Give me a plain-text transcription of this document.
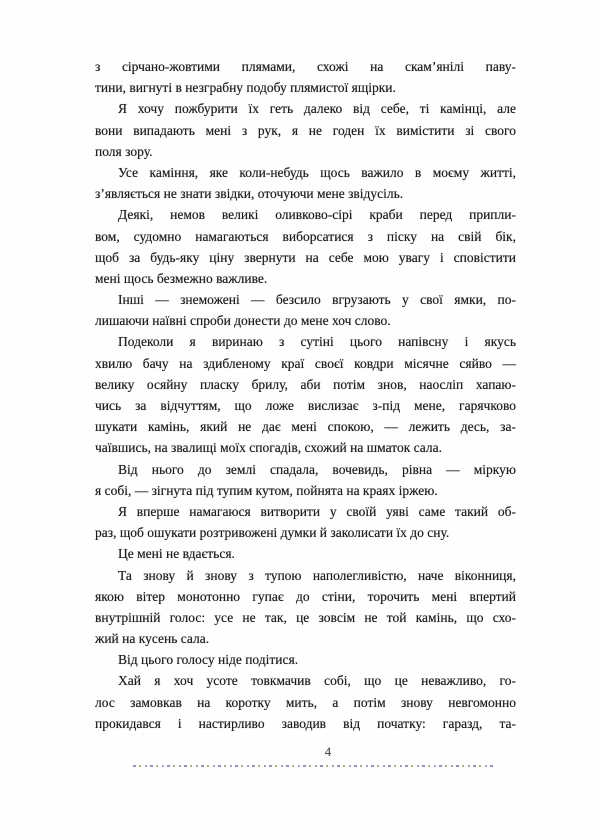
з сірчано-жовтими плямами, схожі на скам’янілі паву-
тини, вигнуті в незграбну подобу плямистої ящірки.
Я хочу пожбурити їх геть далеко від себе, ті камінці, але
вони випадають мені з рук, я не годен їх вимістити зі свого
поля зору.
Усе каміння, яке коли-небудь щось важило в моєму житті,
з’являється не знати звідки, оточуючи мене звідусіль.
Деякі, немов великі оливково-сірі краби перед припли-
вом, судомно намагаються виборсатися з піску на свій бік,
щоб за будь-яку ціну звернути на себе мою увагу і сповістити
мені щось безмежно важливе.
Інші — знеможені — безсило вгрузають у свої ямки, по-
лишаючи наївні спроби донести до мене хоч слово.
Подеколи я виринаю з сутіні цього напівсну і якусь
хвилю бачу на здибленому краї своєї ковдри місячне сяйво —
велику осяйну пласку брилу, аби потім знов, наосліп хапаю-
чись за відчуттям, що ложе вислизає з-під мене, гарячково
шукати камінь, який не дає мені спокою, — лежить десь, за-
чаївшись, на звалищі моїх спогадів, схожий на шматок сала.
Від нього до землі спадала, вочевидь, рівна — міркую
я собі, — зігнута під тупим кутом, пойнята на краях іржею.
Я вперше намагаюся витворити у своїй уяві саме такий об-
раз, щоб ошукати розтривожені думки й заколисати їх до сну.
Це мені не вдається.
Та знову й знову з тупою наполегливістю, наче віконниця,
якою вітер монотонно гупає до стіни, торочить мені впертий
внутрішній голос: усе не так, це зовсім не той камінь, що схо-
жий на кусень сала.
Від цього голосу ніде подітися.
Хай я хоч усоте товкмачив собі, що це неважливо, го-
лос замовкав на коротку мить, а потім знову невгомонно
прокидався і настирливо заводив від початку: гаразд, та-
4
